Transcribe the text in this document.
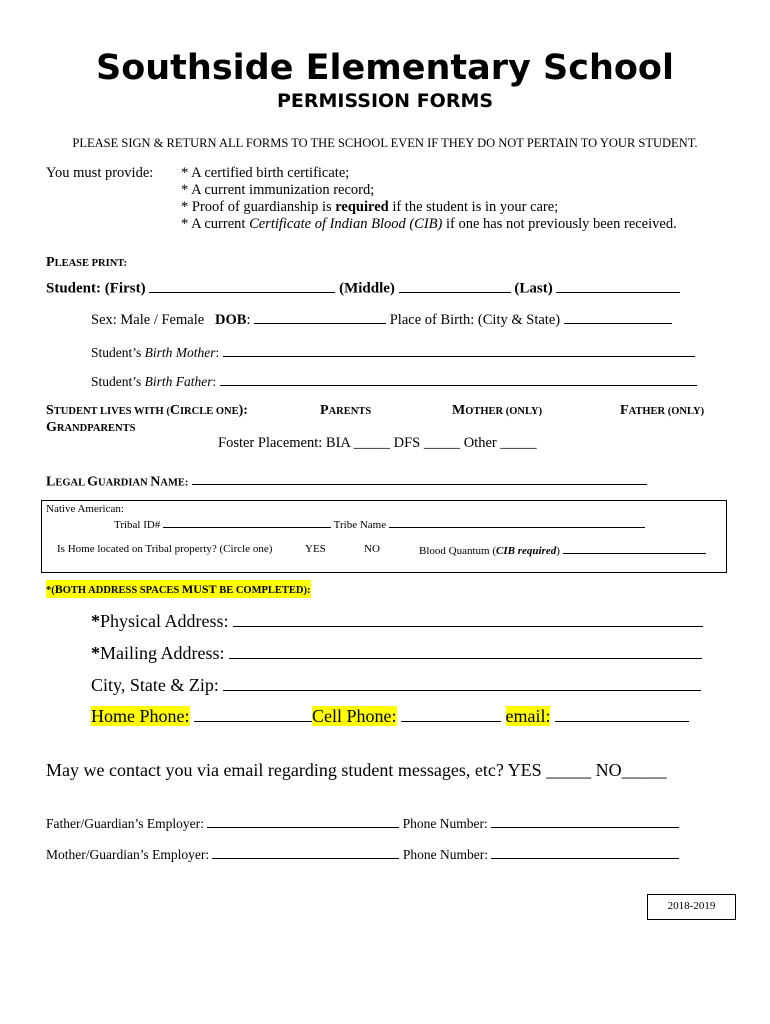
Southside Elementary School
PERMISSION FORMS
PLEASE SIGN & RETURN ALL FORMS TO THE SCHOOL EVEN IF THEY DO NOT PERTAIN TO YOUR STUDENT.
You must provide: * A certified birth certificate;
* A current immunization record;
* Proof of guardianship is required if the student is in your care;
* A current Certificate of Indian Blood (CIB) if one has not previously been received.
PLEASE PRINT:
Student: (First)	(Middle)	(Last)
Sex: Male / Female DOB:	Place of Birth: (City & State)
Student’s Birth Mother:
Student’s Birth Father:
STUDENT LIVES WITH (CIRCLE ONE):	PARENTS	MOTHER (ONLY)	FATHER (ONLY)
GRANDPARENTS
Foster Placement: BIA _____ DFS _____ Other _____
LEGAL GUARDIAN NAME:
Native American:
Tribal ID#	Tribe Name
Is Home located on Tribal property? (Circle one)	YES	NO	Blood Quantum (CIB required)
*(BOTH ADDRESS SPACES MUST BE COMPLETED):
*Physical Address:
*Mailing Address:
City, State & Zip:
Home Phone:	Cell Phone:	email:
May we contact you via email regarding student messages, etc? YES _____ NO_____
Father/Guardian’s Employer:	Phone Number:
Mother/Guardian’s Employer:	Phone Number:
2018-2019
